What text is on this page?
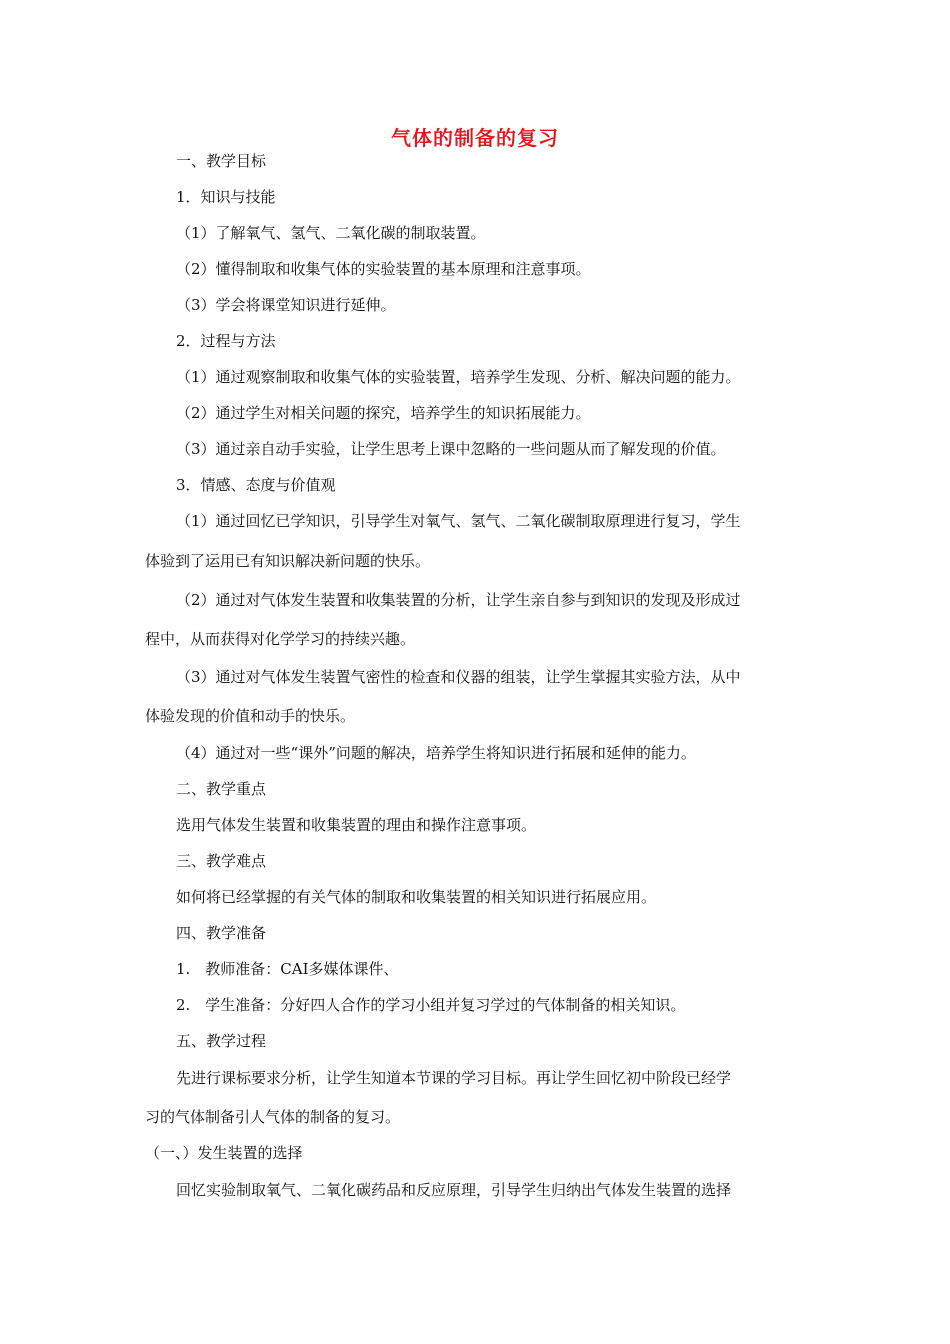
气体的制备的复习
一、教学目标
1．知识与技能
（1）了解氧气、氢气、二氧化碳的制取装置。
（2）懂得制取和收集气体的实验装置的基本原理和注意事项。
（3）学会将课堂知识进行延伸。
2．过程与方法
（1）通过观察制取和收集气体的实验装置，培养学生发现、分析、解决问题的能力。
（2）通过学生对相关问题的探究，培养学生的知识拓展能力。
（3）通过亲自动手实验，让学生思考上课中忽略的一些问题从而了解发现的价值。
3．情感、态度与价值观
（1）通过回忆已学知识，引导学生对氧气、氢气、二氧化碳制取原理进行复习，学生
体验到了运用已有知识解决新问题的快乐。
（2）通过对气体发生装置和收集装置的分析，让学生亲自参与到知识的发现及形成过
程中，从而获得对化学学习的持续兴趣。
（3）通过对气体发生装置气密性的检查和仪器的组装，让学生掌握其实验方法，从中
体验发现的价值和动手的快乐。
（4）通过对一些“课外”问题的解决，培养学生将知识进行拓展和延伸的能力。
二、教学重点
选用气体发生装置和收集装置的理由和操作注意事项。
三、教学难点
如何将已经掌握的有关气体的制取和收集装置的相关知识进行拓展应用。
四、教学准备
1.　教师准备：CAI多媒体课件、
2.　学生准备：分好四人合作的学习小组并复习学过的气体制备的相关知识。
五、教学过程
先进行课标要求分析，让学生知道本节课的学习目标。再让学生回忆初中阶段已经学
习的气体制备引人气体的制备的复习。
（一、）发生装置的选择
回忆实验制取氧气、二氧化碳药品和反应原理，引导学生归纳出气体发生装置的选择
